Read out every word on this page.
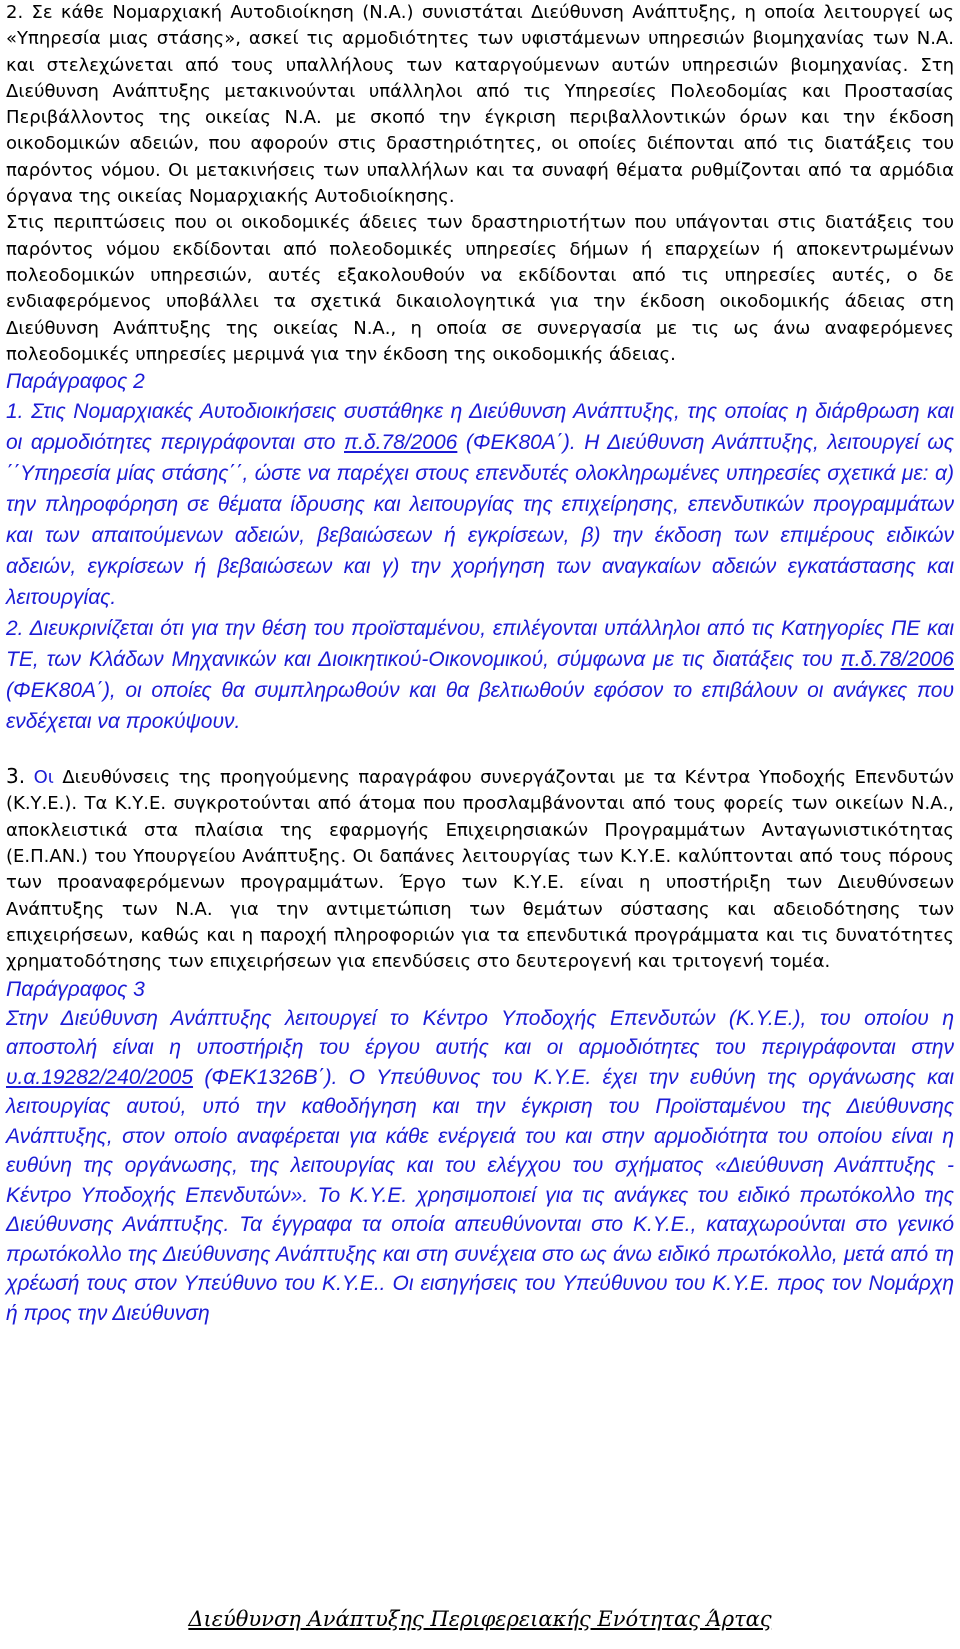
2. Σε κάθε Νομαρχιακή Αυτοδιοίκηση (Ν.Α.) συνιστάται Διεύθυνση Ανάπτυξης, η οποία λειτουργεί ως «Υπηρεσία μιας στάσης», ασκεί τις αρμοδιότητες των υφιστάμενων υπηρεσιών βιομηχανίας των Ν.Α. και στελεχώνεται από τους υπαλλήλους των καταργούμενων αυτών υπηρεσιών βιομηχανίας. Στη Διεύθυνση Ανάπτυξης μετακινούνται υπάλληλοι από τις Υπηρεσίες Πολεοδομίας και Προστασίας Περιβάλλοντος της οικείας Ν.Α. με σκοπό την έγκριση περιβαλλοντικών όρων και την έκδοση οικοδομικών αδειών, που αφορούν στις δραστηριότητες, οι οποίες διέπονται από τις διατάξεις του παρόντος νόμου. Οι μετακινήσεις των υπαλλήλων και τα συναφή θέματα ρυθμίζονται από τα αρμόδια όργανα της οικείας Νομαρχιακής Αυτοδιοίκησης.

Στις περιπτώσεις που οι οικοδομικές άδειες των δραστηριοτήτων που υπάγονται στις διατάξεις του παρόντος νόμου εκδίδονται από πολεοδομικές υπηρεσίες δήμων ή επαρχείων ή αποκεντρωμένων πολεοδομικών υπηρεσιών, αυτές εξακολουθούν να εκδίδονται από τις υπηρεσίες αυτές, ο δε ενδιαφερόμενος υποβάλλει τα σχετικά δικαιολογητικά για την έκδοση οικοδομικής άδειας στη Διεύθυνση Ανάπτυξης της οικείας Ν.Α., η οποία σε συνεργασία με τις ως άνω αναφερόμενες πολεοδομικές υπηρεσίες μεριμνά για την έκδοση της οικοδομικής άδειας.

Παράγραφος 2

1. Στις Νομαρχιακές Αυτοδιοικήσεις συστάθηκε η Διεύθυνση Ανάπτυξης, της οποίας η διάρθρωση και οι αρμοδιότητες περιγράφονται στο π.δ.78/2006 (ΦΕΚ80Α΄). Η Διεύθυνση Ανάπτυξης, λειτουργεί ως ΄΄Υπηρεσία μίας στάσης΄΄, ώστε να παρέχει στους επενδυτές ολοκληρωμένες υπηρεσίες σχετικά με: α) την πληροφόρηση σε θέματα ίδρυσης και λειτουργίας της επιχείρησης, επενδυτικών προγραμμάτων και των απαιτούμενων αδειών, βεβαιώσεων ή εγκρίσεων, β) την έκδοση των επιμέρους ειδικών αδειών, εγκρίσεων ή βεβαιώσεων και γ) την χορήγηση των αναγκαίων αδειών εγκατάστασης και λειτουργίας.

2. Διευκρινίζεται ότι για την θέση του προϊσταμένου, επιλέγονται υπάλληλοι από τις Κατηγορίες ΠΕ και ΤΕ, των Κλάδων Μηχανικών και Διοικητικού-Οικονομικού, σύμφωνα με τις διατάξεις του π.δ.78/2006 (ΦΕΚ80Α΄), οι οποίες θα συμπληρωθούν και θα βελτιωθούν εφόσον το επιβάλουν οι ανάγκες που ενδέχεται να προκύψουν.

3. Οι Διευθύνσεις της προηγούμενης παραγράφου συνεργάζονται με τα Κέντρα Υποδοχής Επενδυτών (Κ.Υ.Ε.). Τα Κ.Υ.Ε. συγκροτούνται από άτομα που προσλαμβάνονται από τους φορείς των οικείων Ν.Α., αποκλειστικά στα πλαίσια της εφαρμογής Επιχειρησιακών Προγραμμάτων Ανταγωνιστικότητας (Ε.Π.ΑΝ.) του Υπουργείου Ανάπτυξης. Οι δαπάνες λειτουργίας των Κ.Υ.Ε. καλύπτονται από τους πόρους των προαναφερόμενων προγραμμάτων. Έργο των Κ.Υ.Ε. είναι η υποστήριξη των Διευθύνσεων Ανάπτυξης των Ν.Α. για την αντιμετώπιση των θεμάτων σύστασης και αδειοδότησης των επιχειρήσεων, καθώς και η παροχή πληροφοριών για τα επενδυτικά προγράμματα και τις δυνατότητες χρηματοδότησης των επιχειρήσεων για επενδύσεις στο δευτερογενή και τριτογενή τομέα.

Παράγραφος 3

Στην Διεύθυνση Ανάπτυξης λειτουργεί το Κέντρο Υποδοχής Επενδυτών (Κ.Υ.Ε.), του οποίου η αποστολή είναι η υποστήριξη του έργου αυτής και οι αρμοδιότητες του περιγράφονται στην υ.α.19282/240/2005 (ΦΕΚ1326Β΄). Ο Υπεύθυνος του Κ.Υ.Ε. έχει την ευθύνη της οργάνωσης και λειτουργίας αυτού, υπό την καθοδήγηση και την έγκριση του Προϊσταμένου της Διεύθυνσης Ανάπτυξης, στον οποίο αναφέρεται για κάθε ενέργειά του και στην αρμοδιότητα του οποίου είναι η ευθύνη της οργάνωσης, της λειτουργίας και του ελέγχου του σχήματος «Διεύθυνση Ανάπτυξης - Κέντρο Υποδοχής Επενδυτών». Το Κ.Υ.Ε. χρησιμοποιεί για τις ανάγκες του ειδικό πρωτόκολλο της Διεύθυνσης Ανάπτυξης. Τα έγγραφα τα οποία απευθύνονται στο Κ.Υ.Ε., καταχωρούνται στο γενικό πρωτόκολλο της Διεύθυνσης Ανάπτυξης και στη συνέχεια στο ως άνω ειδικό πρωτόκολλο, μετά από τη χρέωσή τους στον Υπεύθυνο του Κ.Υ.Ε.. Οι εισηγήσεις του Υπεύθυνου του Κ.Υ.Ε. προς τον Νομάρχη ή προς την Διεύθυνση

Διεύθυνση Ανάπτυξης Περιφερειακής Ενότητας Άρτας
